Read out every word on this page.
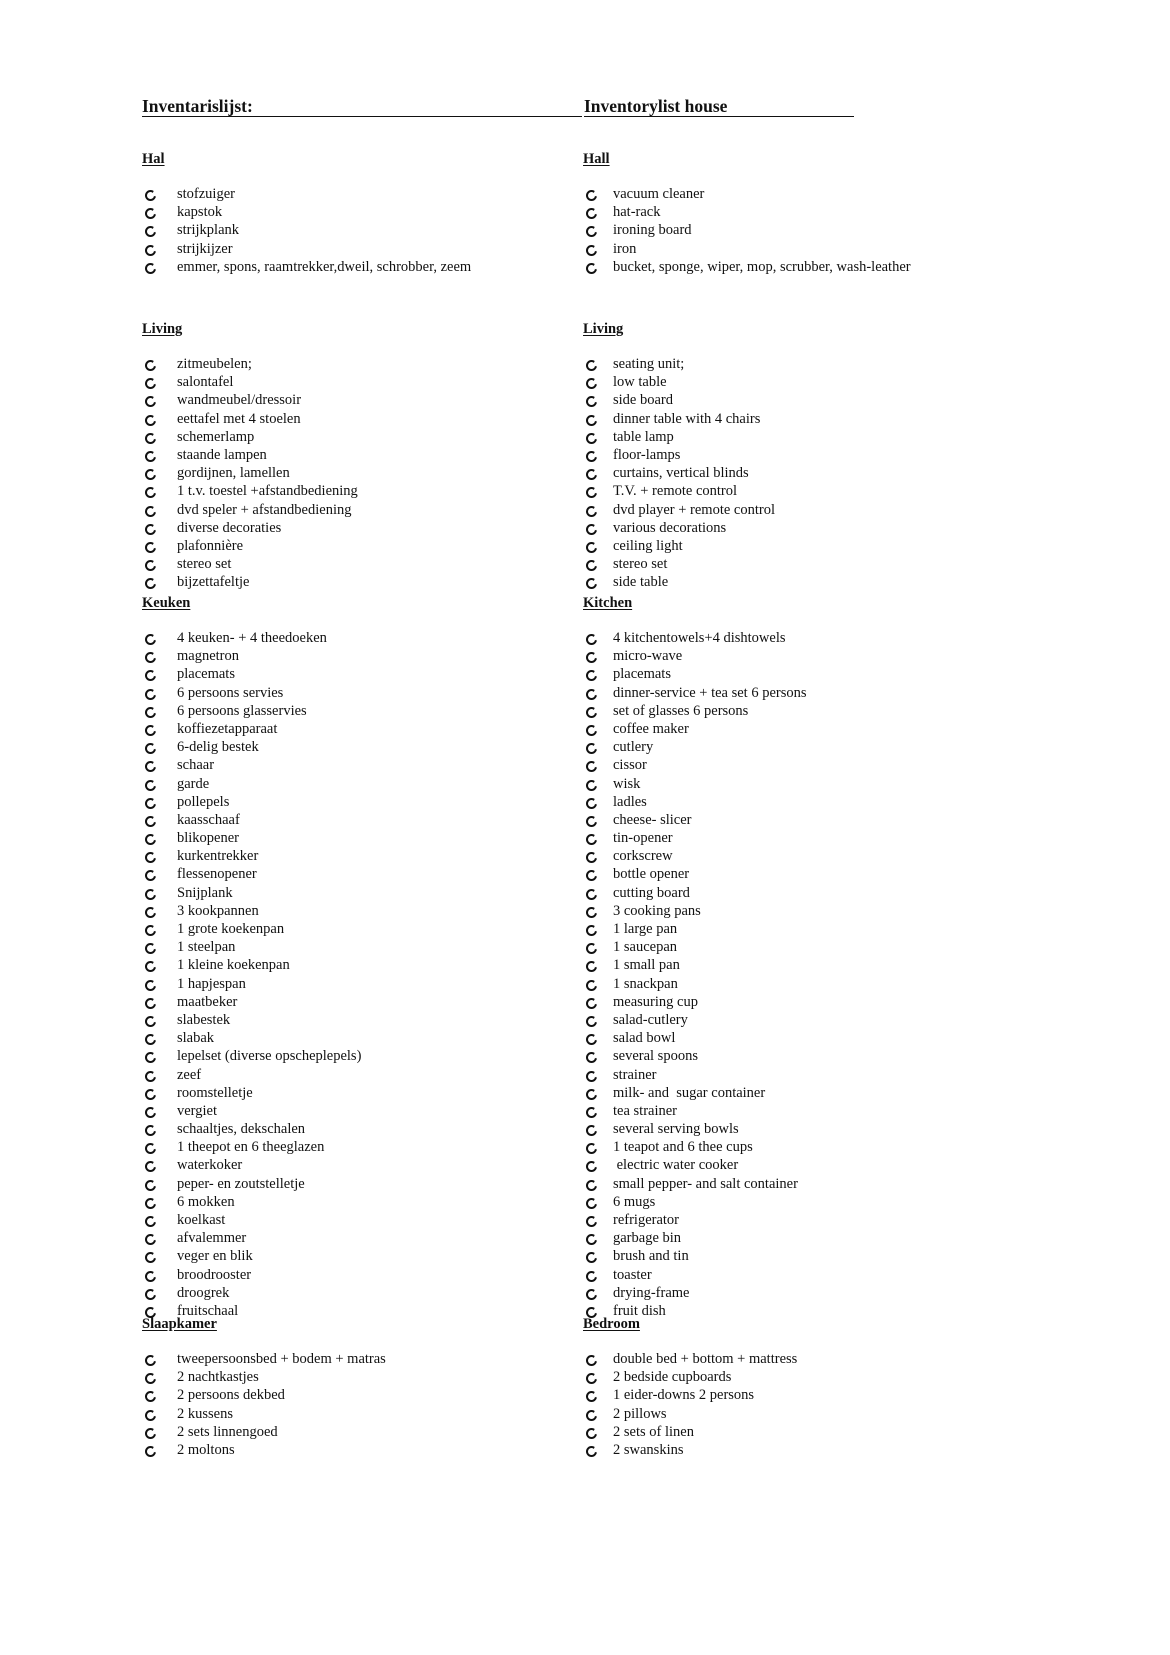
Inventarislijst:	Inventorylist house
Hal
stofzuiger
kapstok
strijkplank
strijkijzer
emmer, spons, raamtrekker,dweil, schrobber, zeem
Hall
vacuum cleaner
hat-rack
ironing board
iron
bucket, sponge, wiper, mop, scrubber, wash-leather
Living
zitmeubelen;
salontafel
wandmeubel/dressoir
eettafel met 4 stoelen
schemerlamp
staande lampen
gordijnen, lamellen
1 t.v. toestel +afstandbediening
dvd speler + afstandbediening
diverse decoraties
plafonnière
stereo set
bijzettafeltje
Living
seating unit;
low table
side board
dinner table with 4 chairs
table lamp
floor-lamps
curtains, vertical blinds
T.V. + remote control
dvd player + remote control
various decorations
ceiling light
stereo set
side table
Keuken
4 keuken- + 4 theedoeken
magnetron
placemats
6 persoons servies
6 persoons glasservies
koffiezetapparaat
6-delig bestek
schaar
garde
pollepels
kaasschaaf
blikopener
kurkentrekker
flessenopener
Snijplank
3 kookpannen
1 grote koekenpan
1 steelpan
1 kleine koekenpan
1 hapjespan
maatbeker
slabestek
slabak
lepelset (diverse opscheplepels)
zeef
roomstelletje
vergiet
schaaltjes, dekschalen
1 theepot en 6 theeglazen
waterkoker
peper- en zoutstelletje
6 mokken
koelkast
afvalemmer
veger en blik
broodrooster
droogrek
fruitschaal
Kitchen
4 kitchentowels+4 dishtowels
micro-wave
placemats
dinner-service + tea set 6 persons
set of glasses 6 persons
coffee maker
cutlery
cissor
wisk
ladles
cheese- slicer
tin-opener
corkscrew
bottle opener
cutting board
3 cooking pans
1 large pan
1 saucepan
1 small pan
1 snackpan
measuring cup
salad-cutlery
salad bowl
several spoons
strainer
milk- and  sugar container
tea strainer
several serving bowls
1 teapot and 6 thee cups
electric water cooker
small pepper- and salt container
6 mugs
refrigerator
garbage bin
brush and tin
toaster
drying-frame
fruit dish
Slaapkamer
tweepersoonsbed + bodem + matras
2 nachtkastjes
2 persoons dekbed
2 kussens
2 sets linnengoed
2 moltons
Bedroom
double bed + bottom + mattress
2 bedside cupboards
1 eider-downs 2 persons
2 pillows
2 sets of linen
2 swanskins
